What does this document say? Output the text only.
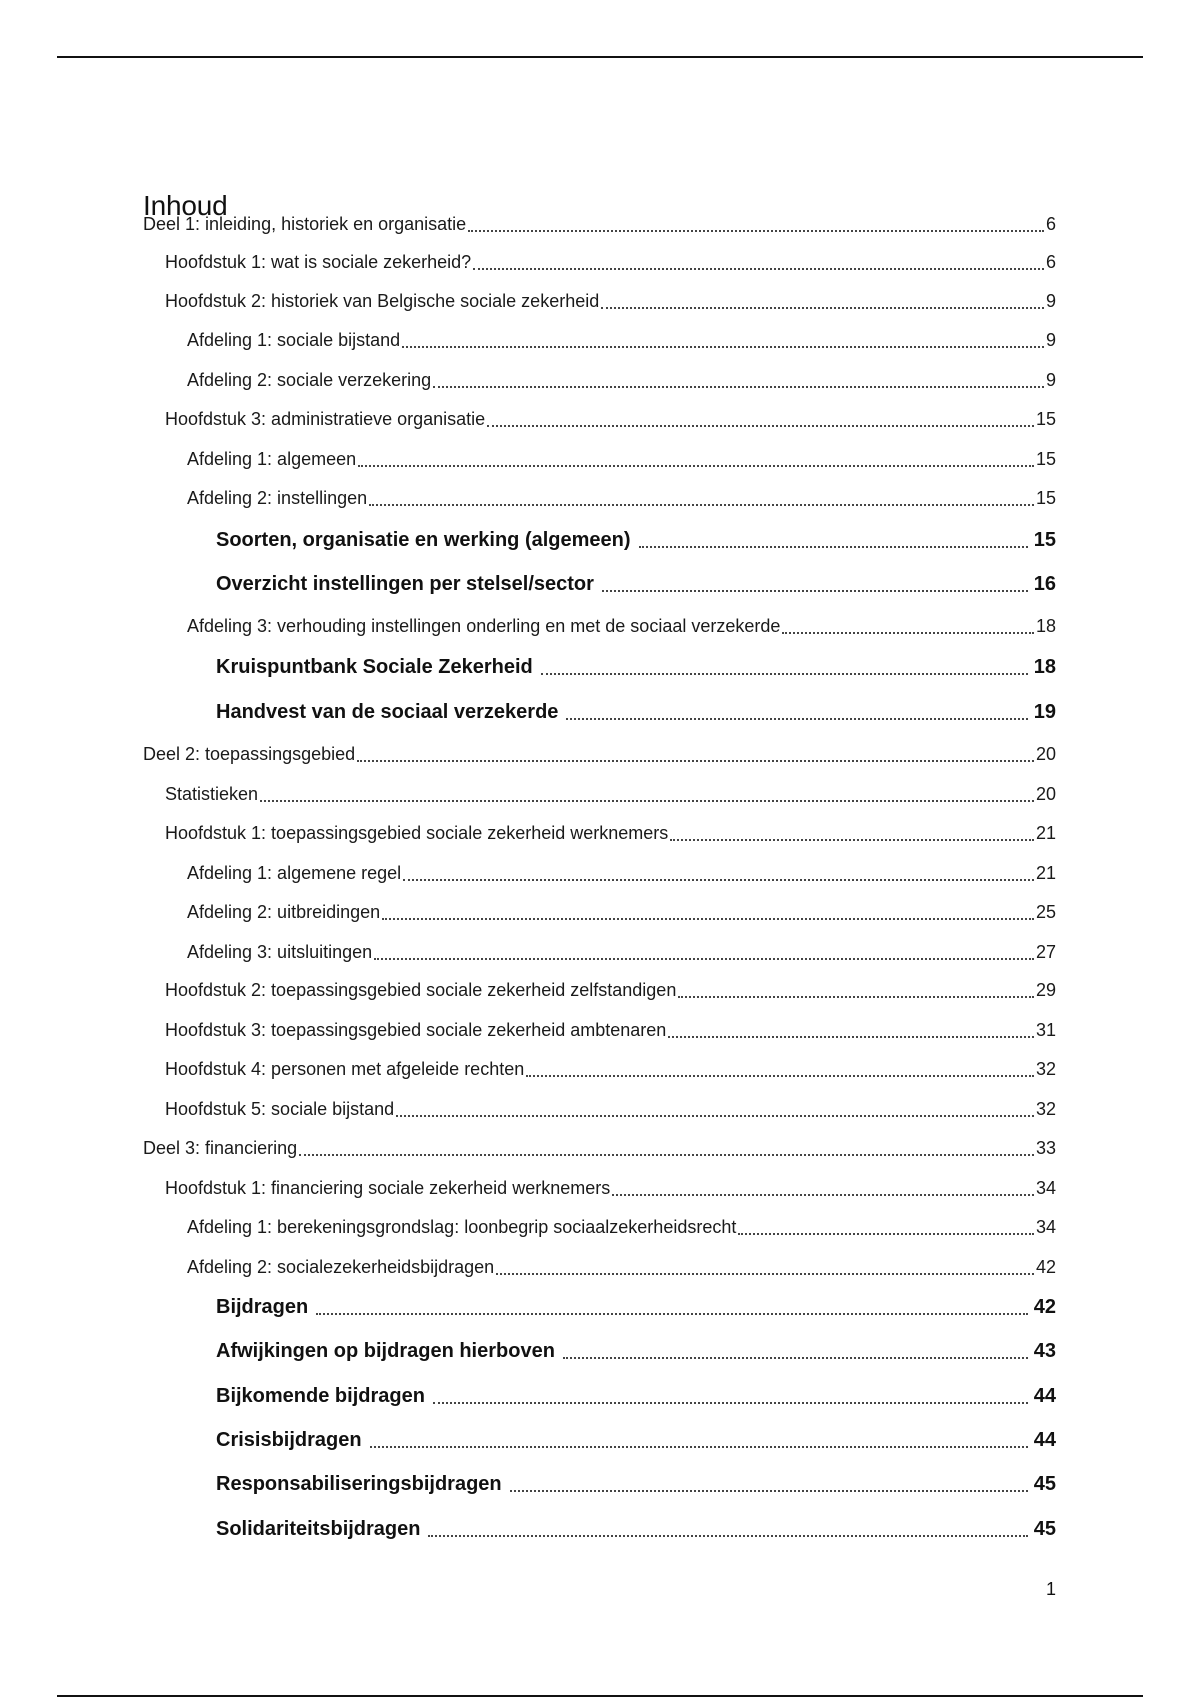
Inhoud
Deel 1: inleiding, historiek en organisatie	6
Hoofdstuk 1: wat is sociale zekerheid?	6
Hoofdstuk 2: historiek van Belgische sociale zekerheid	9
Afdeling 1: sociale bijstand	9
Afdeling 2: sociale verzekering	9
Hoofdstuk 3: administratieve organisatie	15
Afdeling 1: algemeen	15
Afdeling 2: instellingen	15
Soorten, organisatie en werking (algemeen)	15
Overzicht instellingen per stelsel/sector	16
Afdeling 3: verhouding instellingen onderling en met de sociaal verzekerde	18
Kruispuntbank Sociale Zekerheid	18
Handvest van de sociaal verzekerde	19
Deel 2: toepassingsgebied	20
Statistieken	20
Hoofdstuk 1: toepassingsgebied sociale zekerheid werknemers	21
Afdeling 1: algemene regel	21
Afdeling 2: uitbreidingen	25
Afdeling 3: uitsluitingen	27
Hoofdstuk 2: toepassingsgebied sociale zekerheid zelfstandigen	29
Hoofdstuk 3: toepassingsgebied sociale zekerheid ambtenaren	31
Hoofdstuk 4: personen met afgeleide rechten	32
Hoofdstuk 5: sociale bijstand	32
Deel 3: financiering	33
Hoofdstuk 1: financiering sociale zekerheid werknemers	34
Afdeling 1: berekeningsgrondslag: loonbegrip sociaalzekerheidsrecht	34
Afdeling 2: socialezekerheidsbijdragen	42
Bijdragen	42
Afwijkingen op bijdragen hierboven	43
Bijkomende bijdragen	44
Crisisbijdragen	44
Responsabiliseringsbijdragen	45
Solidariteitsbijdragen	45
1
